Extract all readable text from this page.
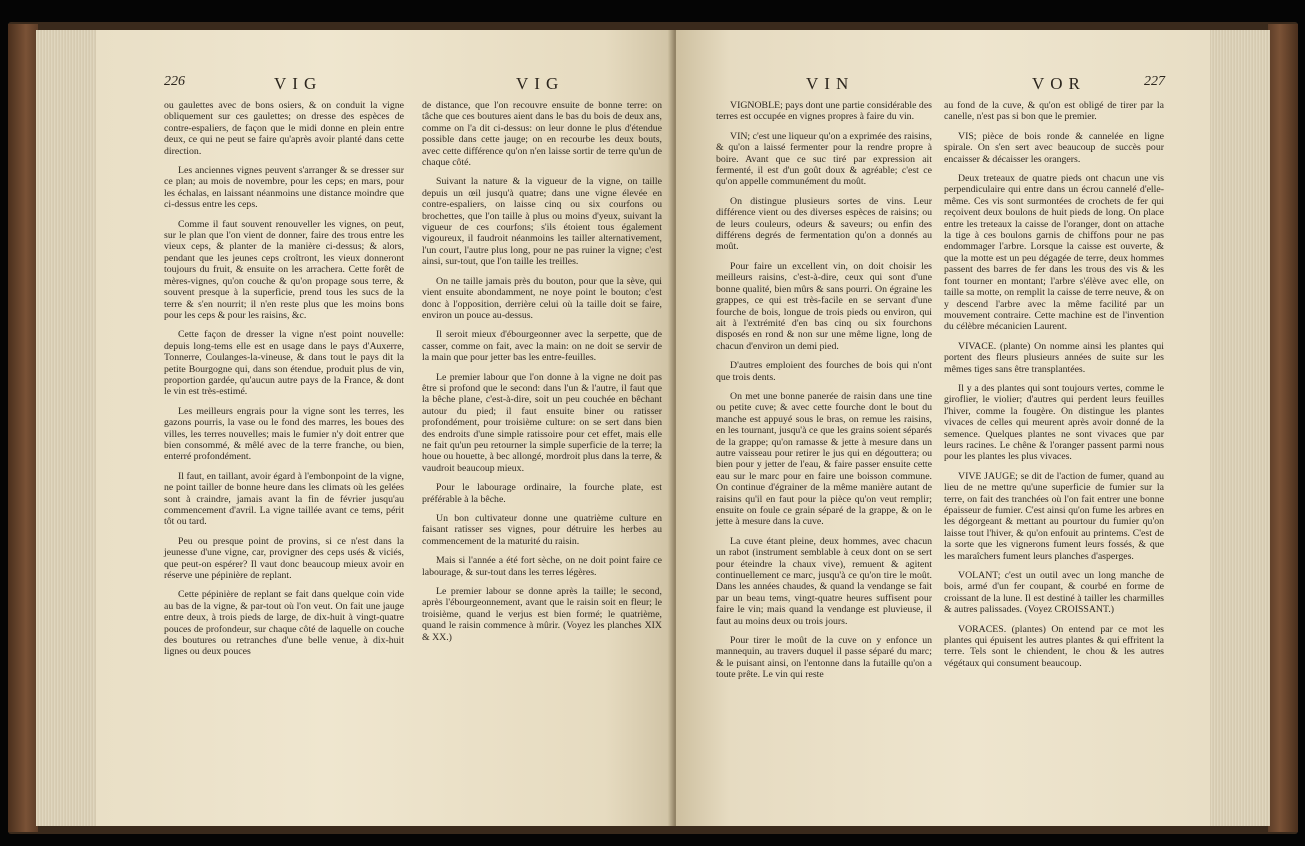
226	VIG	VIG

ou gaulettes avec de bons osiers, & on conduit la vigne obliquement sur ces gaulettes; on dresse des espèces de contre-espaliers, de façon que le midi donne en plein entre deux, ce qui ne peut se faire qu'après avoir planté dans cette direction.

Les anciennes vignes peuvent s'arranger & se dresser sur ce plan; au mois de novembre, pour les ceps; en mars, pour les échalas, en laissant néanmoins une distance moindre que ci-dessus entre les ceps.

Comme il faut souvent renouveller les vignes, on peut, sur le plan que l'on vient de donner, faire des trous entre les vieux ceps, & planter de la manière ci-dessus; & alors, pendant que les jeunes ceps croîtront, les vieux donneront toujours du fruit, & ensuite on les arrachera. Cette forêt de mères-vignes, qu'on couche & qu'on propage sous terre, & souvent presque à la superficie, prend tous les sucs de la terre & s'en nourrit; il n'en reste plus que les moins bons pour les ceps & pour les raisins, &c.

Cette façon de dresser la vigne n'est point nouvelle: depuis long-tems elle est en usage dans le pays d'Auxerre, Tonnerre, Coulanges-la-vineuse, & dans tout le pays dit la petite Bourgogne qui, dans son étendue, produit plus de vin, proportion gardée, qu'aucun autre pays de la France, & dont le vin est très-estimé.

Les meilleurs engrais pour la vigne sont les terres, les gazons pourris, la vase ou le fond des marres, les boues des villes, les terres nouvelles; mais le fumier n'y doit entrer que bien consommé, & mêlé avec de la terre franche, ou bien, enterré profondément.

Il faut, en taillant, avoir égard à l'embonpoint de la vigne, ne point tailler de bonne heure dans les climats où les gelées sont à craindre, jamais avant la fin de février jusqu'au commencement d'avril. La vigne taillée avant ce tems, périt tôt ou tard.

Peu ou presque point de provins, si ce n'est dans la jeunesse d'une vigne, car, provigner des ceps usés & viciés, que peut-on espérer? Il vaut donc beaucoup mieux avoir en réserve une pépinière de replant.

Cette pépinière de replant se fait dans quelque coin vide au bas de la vigne, & par-tout où l'on veut. On fait une jauge entre deux, à trois pieds de large, de dix-huit à vingt-quatre pouces de profondeur, sur chaque côté de laquelle on couche des boutures ou retranches d'une belle venue, à dix-huit lignes ou deux pouces

de distance, que l'on recouvre ensuite de bonne terre: on tâche que ces boutures aient dans le bas du bois de deux ans, comme on l'a dit ci-dessus: on leur donne le plus d'étendue possible dans cette jauge; on en recourbe les deux bouts, avec cette différence qu'on n'en laisse sortir de terre qu'un de chaque côté.

Suivant la nature & la vigueur de la vigne, on taille depuis un œil jusqu'à quatre; dans une vigne élevée en contre-espaliers, on laisse cinq ou six courfons ou brochettes, que l'on taille à plus ou moins d'yeux, suivant la vigueur de ces courfons; s'ils étoient tous également vigoureux, il faudroit néanmoins les tailler alternativement, l'un court, l'autre plus long, pour ne pas ruiner la vigne; c'est ainsi, sur-tout, que l'on taille les treilles.

On ne taille jamais près du bouton, pour que la sève, qui vient ensuite abondamment, ne noye point le bouton; c'est donc à l'opposition, derrière celui où la taille doit se faire, environ un pouce au-dessus.

Il seroit mieux d'ébourgeonner avec la serpette, que de casser, comme on fait, avec la main: on ne doit se servir de la main que pour jetter bas les entre-feuilles.

Le premier labour que l'on donne à la vigne ne doit pas être si profond que le second: dans l'un & l'autre, il faut que la bêche plane, c'est-à-dire, soit un peu couchée en bêchant autour du pied; il faut ensuite biner ou ratisser profondément, pour troisième culture: on se sert dans bien des endroits d'une simple ratissoire pour cet effet, mais elle ne fait qu'un peu retourner la simple superficie de la terre; la houe ou houette, à bec allongé, mordroit plus dans la terre, & vaudroit beaucoup mieux.

Pour le labourage ordinaire, la fourche plate, est préférable à la bêche.

Un bon cultivateur donne une quatrième culture en faisant ratisser ses vignes, pour détruire les herbes au commencement de la maturité du raisin.

Mais si l'année a été fort sèche, on ne doit point faire ce labourage, & sur-tout dans les terres légères.

Le premier labour se donne après la taille; le second, après l'ébourgeonnement, avant que le raisin soit en fleur; le troisième, quand le verjus est bien formé; le quatrième, quand le raisin commence à mûrir. (Voyez les planches XIX & XX.)

VIN	VOR	227

VIGNOBLE; pays dont une partie considérable des terres est occupée en vignes propres à faire du vin.

VIN; c'est une liqueur qu'on a exprimée des raisins, & qu'on a laissé fermenter pour la rendre propre à boire. Avant que ce suc tiré par expression ait fermenté, il est d'un goût doux & agréable; c'est ce qu'on appelle communément du moût.

On distingue plusieurs sortes de vins. Leur différence vient ou des diverses espèces de raisins; ou de leurs couleurs, odeurs & saveurs; ou enfin des différens degrés de fermentation qu'on a donnés au moût.

Pour faire un excellent vin, on doit choisir les meilleurs raisins, c'est-à-dire, ceux qui sont d'une bonne qualité, bien mûrs & sans pourri. On égraine les grappes, ce qui est très-facile en se servant d'une fourche de bois, longue de trois pieds ou environ, qui ait à l'extrémité d'en bas cinq ou six fourchons disposés en rond & non sur une même ligne, long de chacun d'environ un demi pied.

D'autres emploient des fourches de bois qui n'ont que trois dents.

On met une bonne panerée de raisin dans une tine ou petite cuve; & avec cette fourche dont le bout du manche est appuyé sous le bras, on remue les raisins, en les tournant, jusqu'à ce que les grains soient séparés de la grappe; qu'on ramasse & jette à mesure dans un autre vaisseau pour retirer le jus qui en dégouttera; ou bien pour y jetter de l'eau, & faire passer ensuite cette eau sur le marc pour en faire une boisson commune. On continue d'égrainer de la même manière autant de raisins qu'il en faut pour la pièce qu'on veut remplir; ensuite on foule ce grain séparé de la grappe, & on le jette à mesure dans la cuve.

La cuve étant pleine, deux hommes, avec chacun un rabot (instrument semblable à ceux dont on se sert pour éteindre la chaux vive), remuent & agitent continuellement ce marc, jusqu'à ce qu'on tire le moût. Dans les années chaudes, & quand la vendange se fait par un beau tems, vingt-quatre heures suffisent pour faire le vin; mais quand la vendange est pluvieuse, il faut au moins deux ou trois jours.

Pour tirer le moût de la cuve on y enfonce un mannequin, au travers duquel il passe séparé du marc; & le puisant ainsi, on l'entonne dans la futaille qu'on a toute prête. Le vin qui reste

au fond de la cuve, & qu'on est obligé de tirer par la canelle, n'est pas si bon que le premier.

VIS; pièce de bois ronde & cannelée en ligne spirale. On s'en sert avec beaucoup de succès pour encaisser & décaisser les orangers.

Deux treteaux de quatre pieds ont chacun une vis perpendiculaire qui entre dans un écrou cannelé d'elle-même. Ces vis sont surmontées de crochets de fer qui reçoivent deux boulons de huit pieds de long. On place entre les treteaux la caisse de l'oranger, dont on attache la tige à ces boulons garnis de chiffons pour ne pas endommager l'arbre. Lorsque la caisse est ouverte, & que la motte est un peu dégagée de terre, deux hommes passent des barres de fer dans les trous des vis & les font tourner en montant; l'arbre s'élève avec elle, on taille sa motte, on remplit la caisse de terre neuve, & on y descend l'arbre avec la même facilité par un mouvement contraire. Cette machine est de l'invention du célèbre mécanicien Laurent.

VIVACE. (plante) On nomme ainsi les plantes qui portent des fleurs plusieurs années de suite sur les mêmes tiges sans être transplantées.

Il y a des plantes qui sont toujours vertes, comme le giroflier, le violier; d'autres qui perdent leurs feuilles l'hiver, comme la fougère. On distingue les plantes vivaces de celles qui meurent après avoir donné de la semence. Quelques plantes ne sont vivaces que par leurs racines. Le chêne & l'oranger passent parmi nous pour les plantes les plus vivaces.

VIVE JAUGE; se dit de l'action de fumer, quand au lieu de ne mettre qu'une superficie de fumier sur la terre, on fait des tranchées où l'on fait entrer une bonne épaisseur de fumier. C'est ainsi qu'on fume les arbres en les dégorgeant & mettant au pourtour du fumier qu'on laisse tout l'hiver, & qu'on enfouit au printems. C'est de la sorte que les vignerons fument leurs fossés, & que les maraîchers fument leurs planches d'asperges.

VOLANT; c'est un outil avec un long manche de bois, armé d'un fer coupant, & courbé en forme de croissant de la lune. Il est destiné à tailler les charmilles & autres palissades. (Voyez CROISSANT.)

VORACES. (plantes) On entend par ce mot les plantes qui épuisent les autres plantes & qui effritent la terre. Tels sont le chiendent, le chou & les autres végétaux qui consument beaucoup.
